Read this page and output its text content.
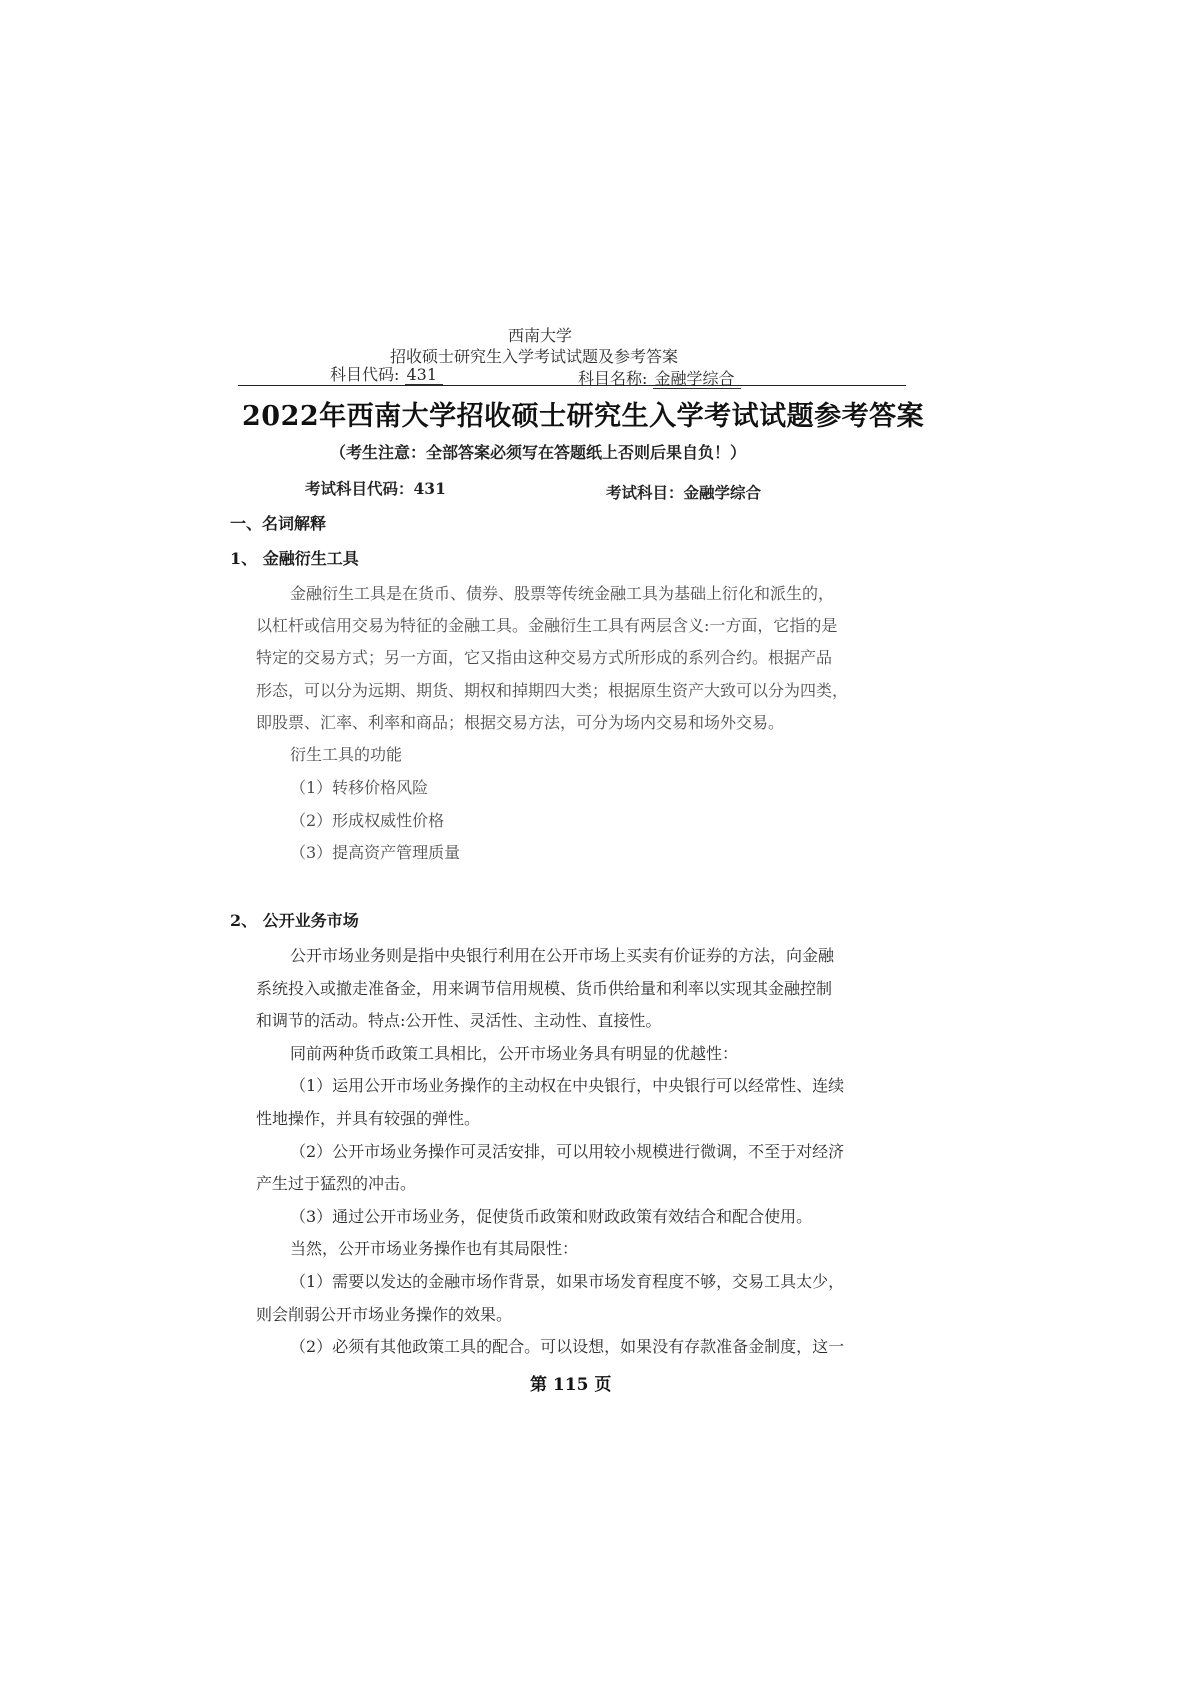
西南大学
招收硕士研究生入学考试试题及参考答案
科目代码: 431	科目名称: 金融学综合
2022年西南大学招收硕士研究生入学考试试题参考答案
（考生注意：全部答案必须写在答题纸上否则后果自负！）
考试科目代码：431	考试科目：金融学综合
一、名词解释
1、 金融衍生工具
金融衍生工具是在货币、债券、股票等传统金融工具为基础上衍化和派生的，
以杠杆或信用交易为特征的金融工具。金融衍生工具有两层含义:一方面，它指的是
特定的交易方式；另一方面，它又指由这种交易方式所形成的系列合约。根据产品
形态，可以分为远期、期货、期权和掉期四大类；根据原生资产大致可以分为四类，
即股票、汇率、利率和商品；根据交易方法，可分为场内交易和场外交易。
衍生工具的功能
（1）转移价格风险
（2）形成权威性价格
（3）提高资产管理质量
2、 公开业务市场
公开市场业务则是指中央银行利用在公开市场上买卖有价证券的方法，向金融
系统投入或撤走准备金，用来调节信用规模、货币供给量和利率以实现其金融控制
和调节的活动。特点:公开性、灵活性、主动性、直接性。
同前两种货币政策工具相比，公开市场业务具有明显的优越性：
（1）运用公开市场业务操作的主动权在中央银行，中央银行可以经常性、连续
性地操作，并具有较强的弹性。
（2）公开市场业务操作可灵活安排，可以用较小规模进行微调，不至于对经济
产生过于猛烈的冲击。
（3）通过公开市场业务，促使货币政策和财政政策有效结合和配合使用。
当然，公开市场业务操作也有其局限性：
（1）需要以发达的金融市场作背景，如果市场发育程度不够，交易工具太少，
则会削弱公开市场业务操作的效果。
（2）必须有其他政策工具的配合。可以设想，如果没有存款准备金制度，这一
第 115 页
